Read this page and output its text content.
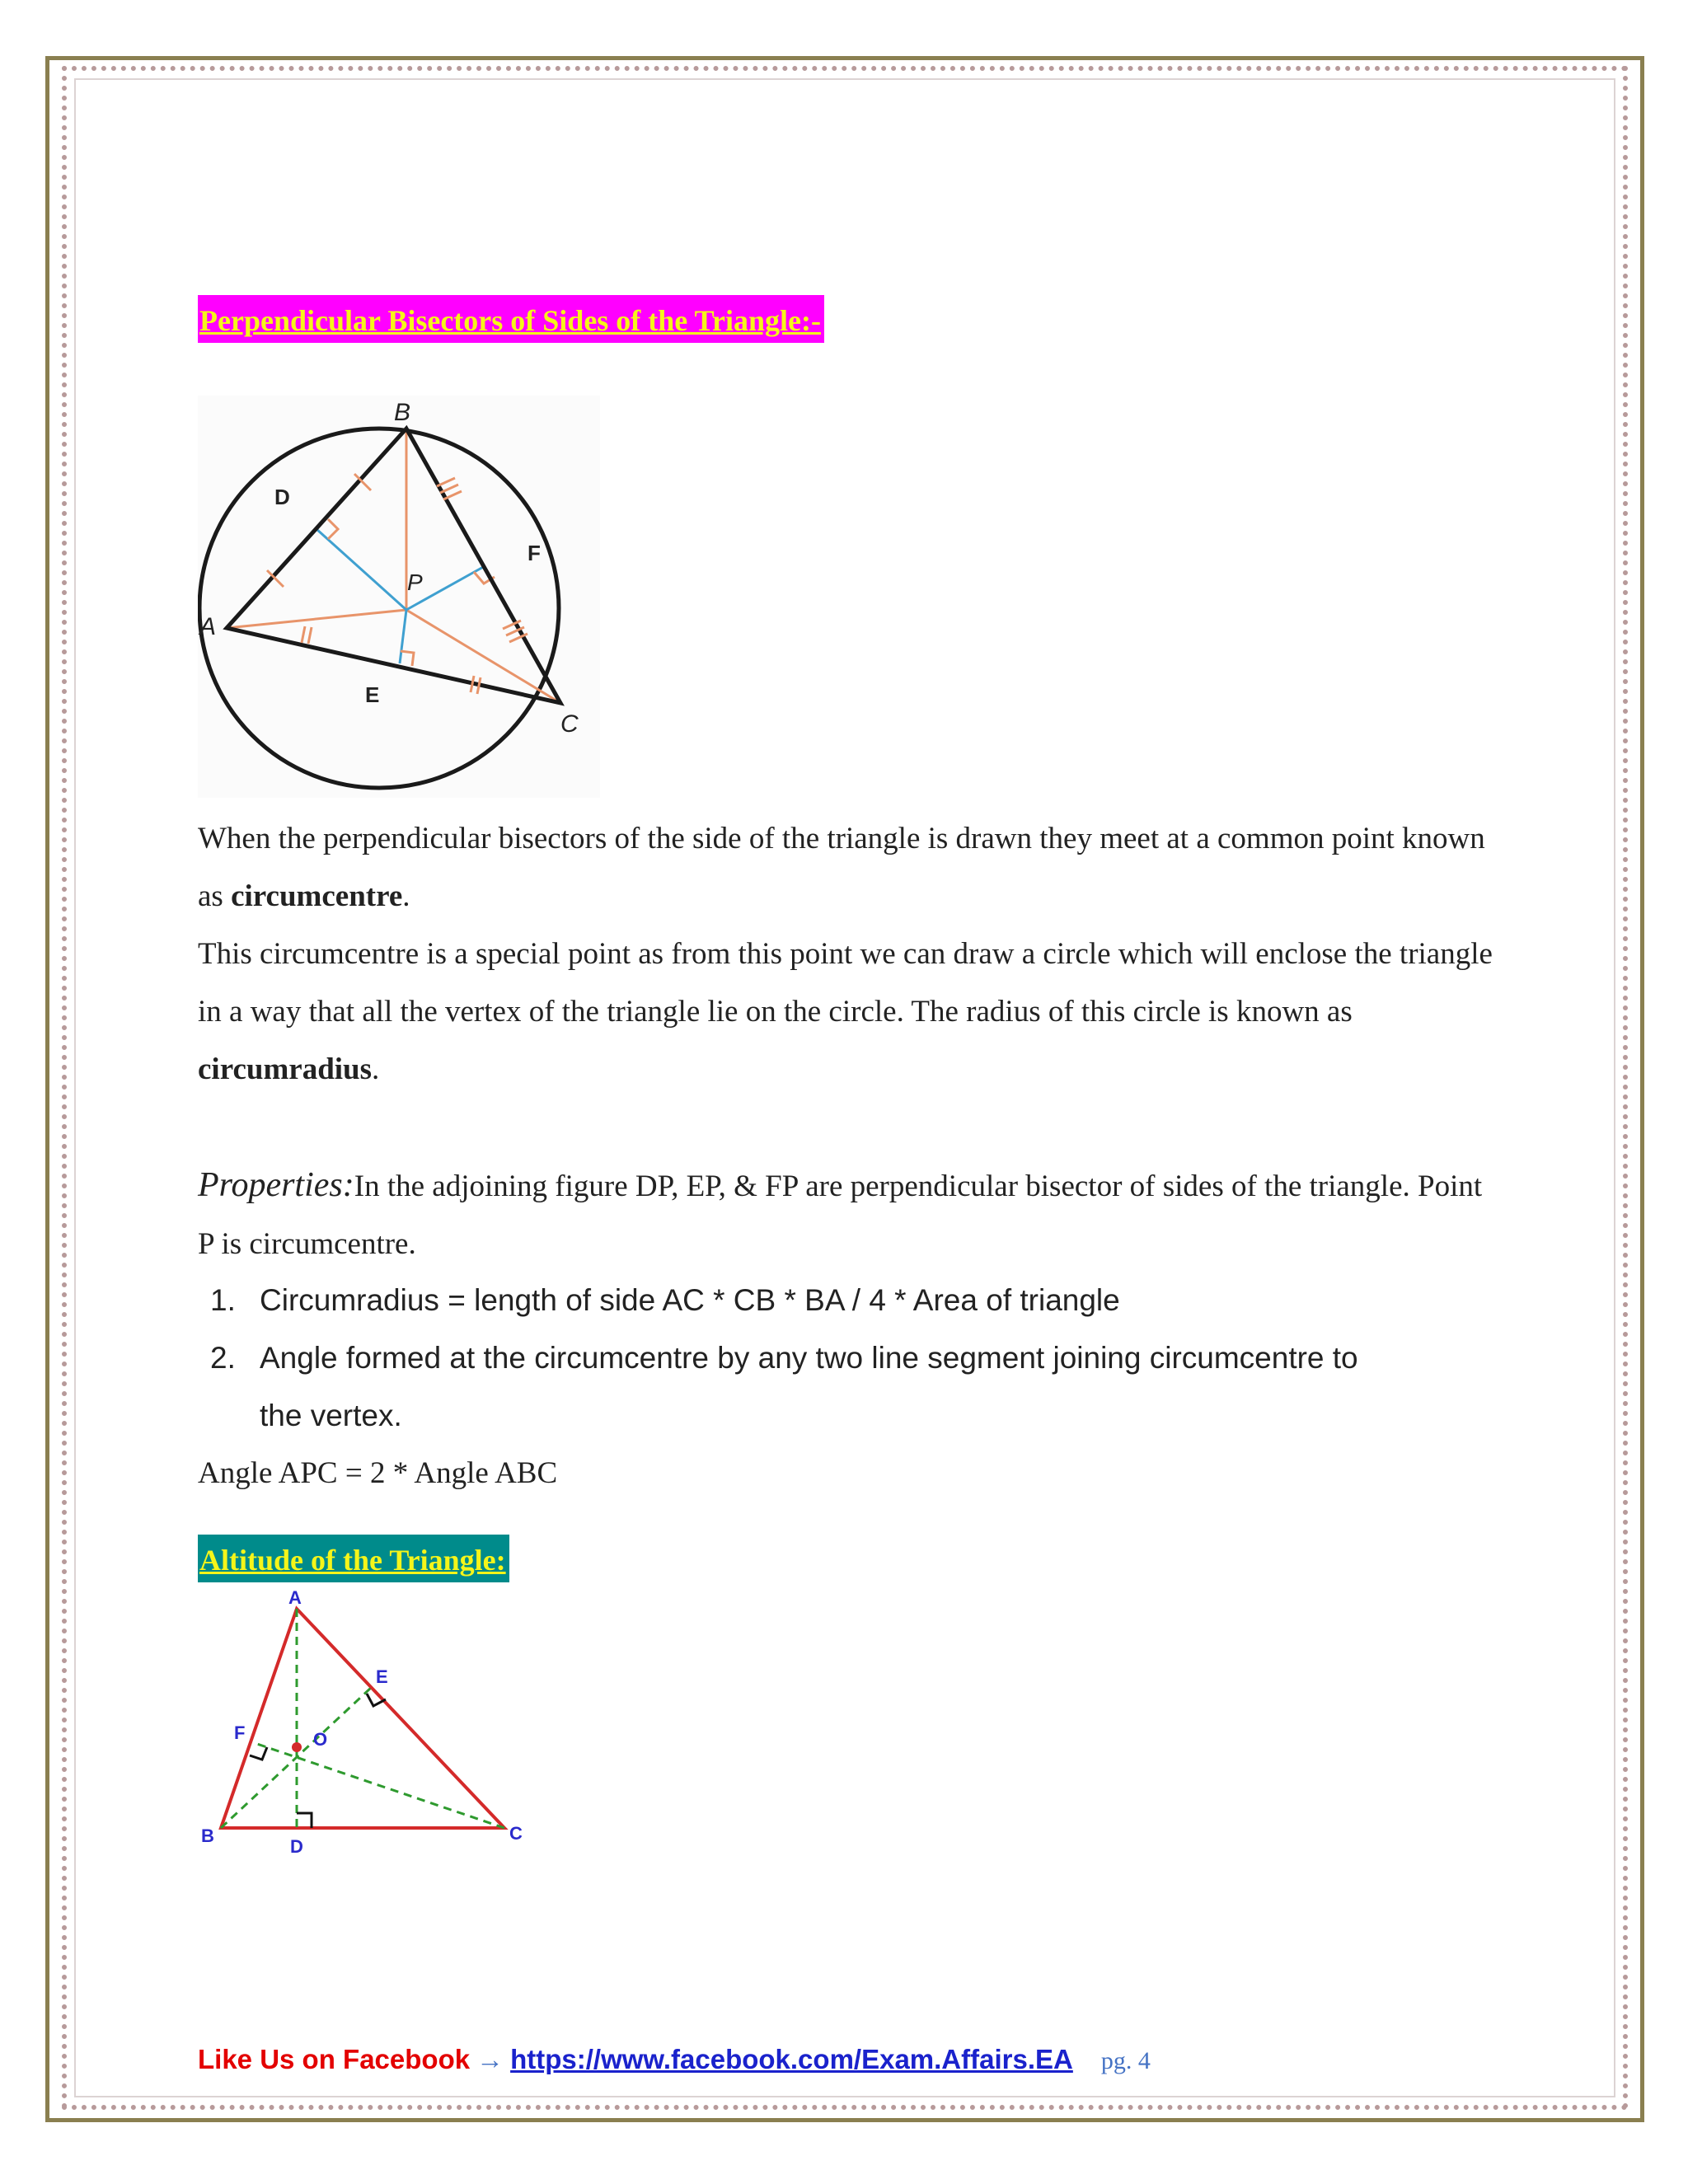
Perpendicular Bisectors of Sides of the Triangle:-
B
A
C
D
E
F
P
When the perpendicular bisectors of the side of the triangle is drawn they meet at a common point known as circumcentre.
This circumcentre is a special point as from this point we can draw a circle which will enclose the triangle in a way that all the vertex of the triangle lie on the circle. The radius of this circle is known as circumradius.
Properties:In the adjoining figure DP, EP, & FP are perpendicular bisector of sides of the triangle. Point P is circumcentre.
1. Circumradius = length of side AC * CB * BA / 4 * Area of triangle
2. Angle formed at the circumcentre by any two line segment joining circumcentre to
the vertex.
Angle APC = 2 * Angle ABC
Altitude of the Triangle:
A
B	C
D
E
F	O
Like Us on Facebook → https://www.facebook.com/Exam.Affairs.EA pg. 4
